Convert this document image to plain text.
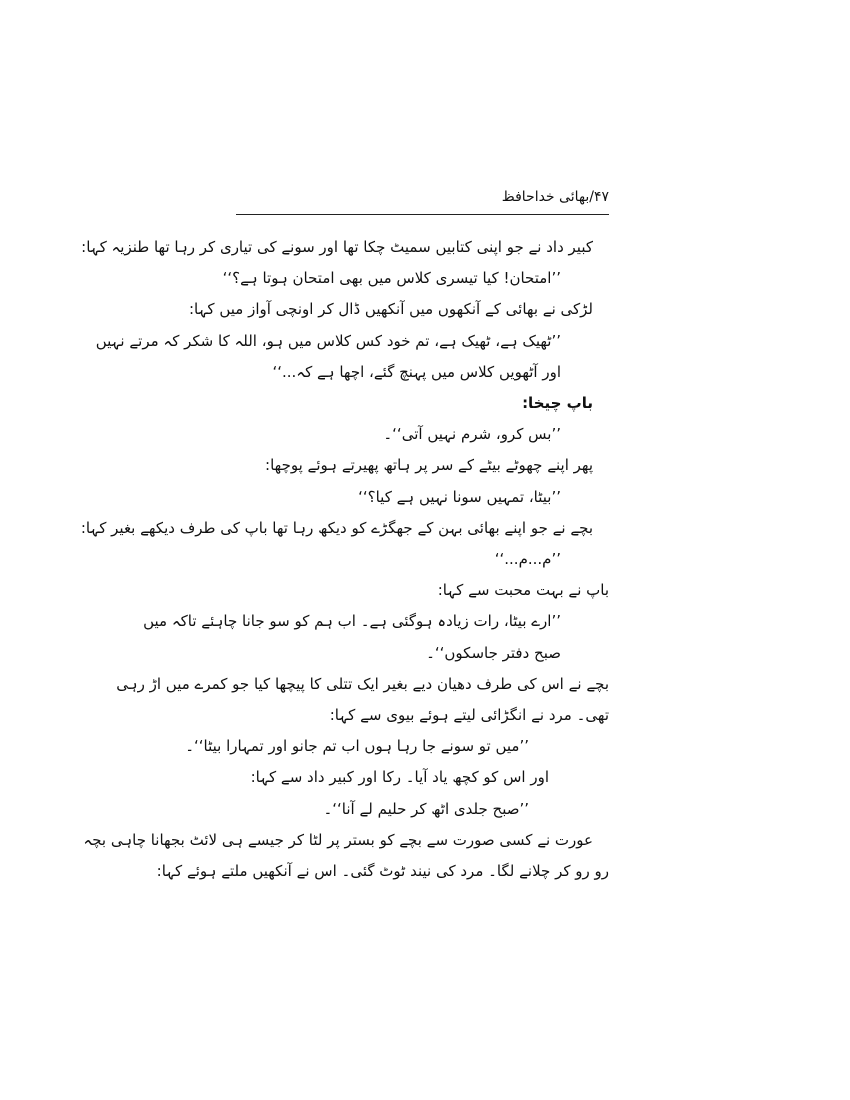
۴۷/بھائی خداحافظ
کبیر داد نے جو اپنی کتابیں سمیٹ چکا تھا اور سونے کی تیاری کر رہا تھا طنزیہ کہا:
’’امتحان! کیا تیسری کلاس میں بھی امتحان ہوتا ہے؟‘‘
لڑکی نے بھائی کے آنکھوں میں آنکھیں ڈال کر اونچی آواز میں کہا:
’’ٹھیک ہے، ٹھیک ہے، تم خود کس کلاس میں ہو، اللہ کا شکر کہ مرتے نہیں
اور آٹھویں کلاس میں پہنچ گئے، اچھا ہے کہ...‘‘
باپ چیخا:
’’بس کرو، شرم نہیں آتی‘‘۔
پھر اپنے چھوٹے بیٹے کے سر پر ہاتھ پھیرتے ہوئے پوچھا:
’’بیٹا، تمہیں سونا نہیں ہے کیا؟‘‘
بچے نے جو اپنے بھائی بہن کے جھگڑے کو دیکھ رہا تھا باپ کی طرف دیکھے بغیر کہا:
’’م...م...‘‘
باپ نے بہت محبت سے کہا:
’’ارے بیٹا، رات زیادہ ہوگئی ہے۔ اب ہم کو سو جانا چاہئے تاکہ میں
صبح دفتر جاسکوں‘‘۔
بچے نے اس کی طرف دھیان دیے بغیر ایک تتلی کا پیچھا کیا جو کمرے میں اڑ رہی
تھی۔ مرد نے انگڑائی لیتے ہوئے بیوی سے کہا:
’’میں تو سونے جا رہا ہوں اب تم جانو اور تمہارا بیٹا‘‘۔
اور اس کو کچھ یاد آیا۔ رکا اور کبیر داد سے کہا:
’’صبح جلدی اٹھ کر حلیم لے آنا‘‘۔
عورت نے کسی صورت سے بچے کو بستر پر لٹا کر جیسے ہی لائٹ بجھانا چاہی بچہ
رو رو کر چلانے لگا۔ مرد کی نیند ٹوٹ گئی۔ اس نے آنکھیں ملتے ہوئے کہا:
